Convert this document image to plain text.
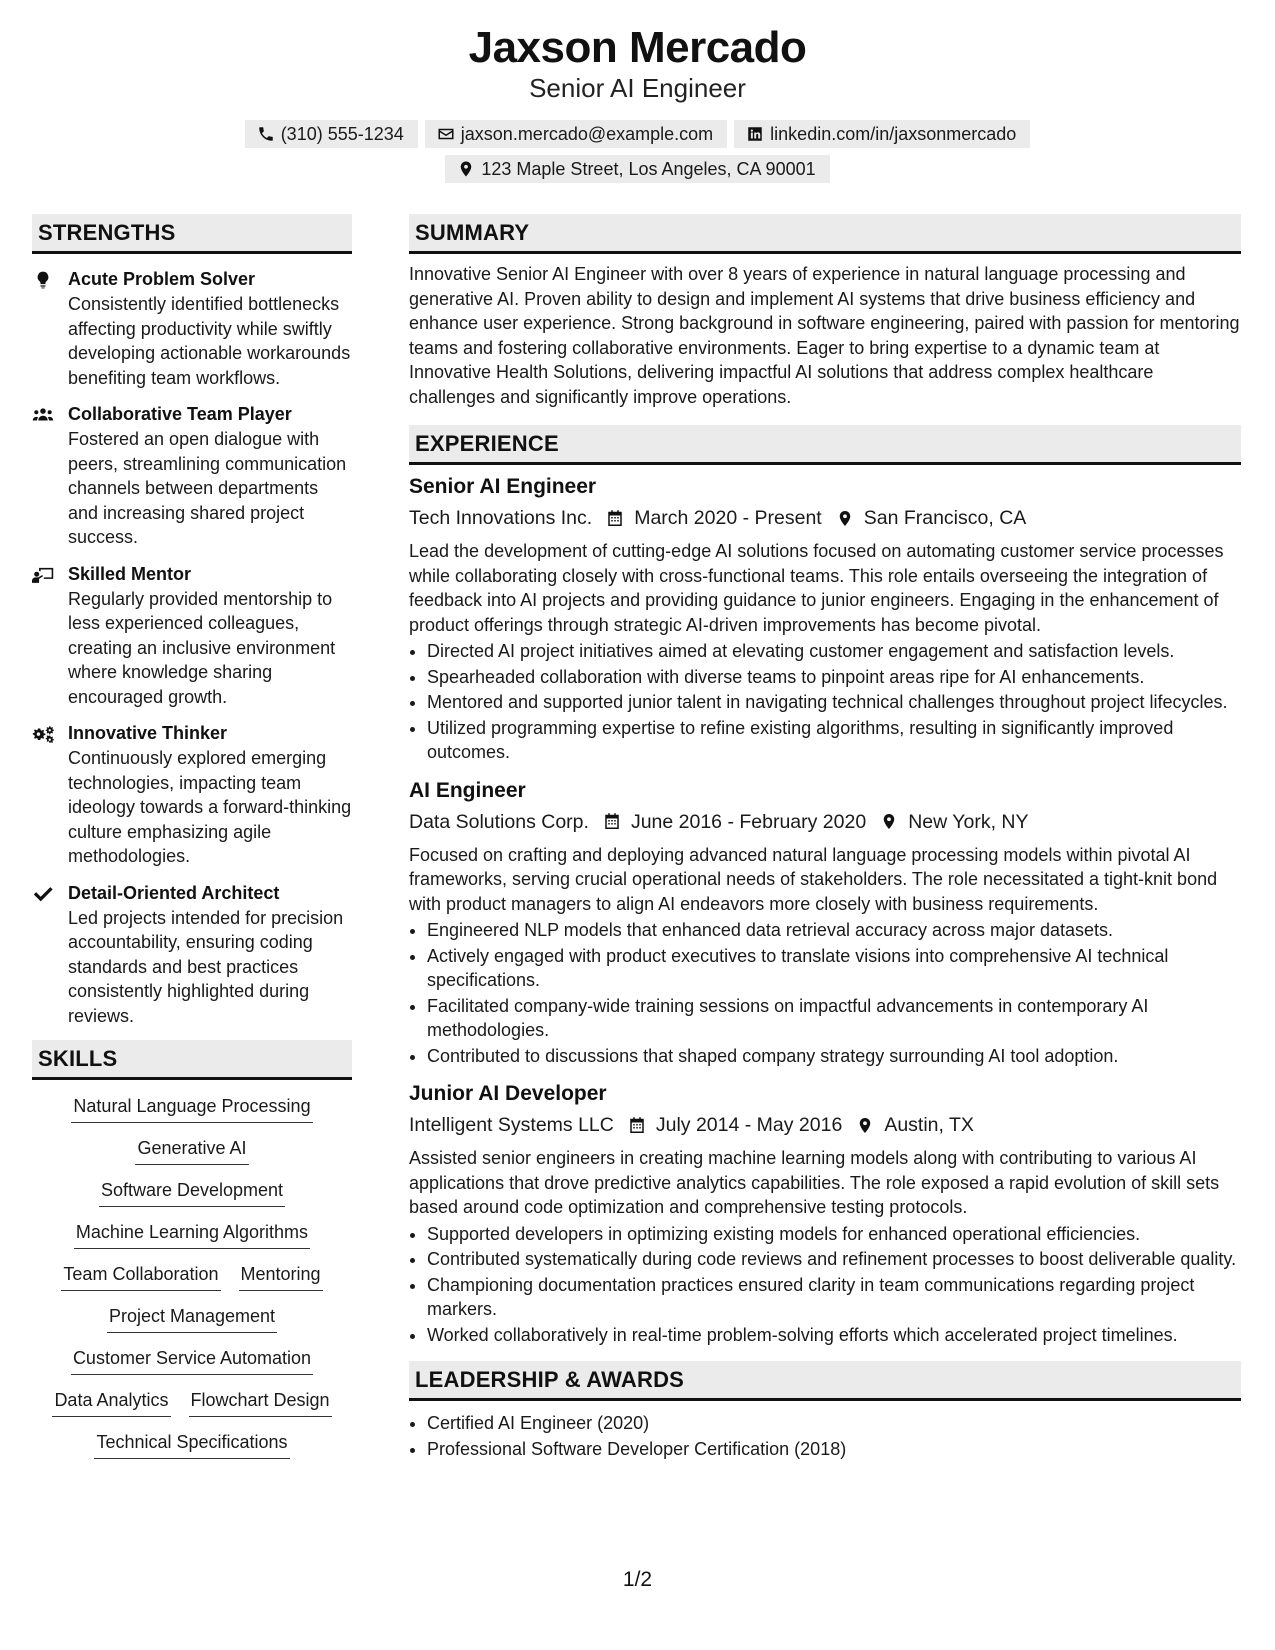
Jaxson Mercado
Senior AI Engineer
(310) 555-1234	jaxson.mercado@example.com	linkedin.com/in/jaxsonmercado
123 Maple Street, Los Angeles, CA 90001
STRENGTHS
Acute Problem Solver
Consistently identified bottlenecks affecting productivity while swiftly developing actionable workarounds benefiting team workflows.
Collaborative Team Player
Fostered an open dialogue with peers, streamlining communication channels between departments and increasing shared project success.
Skilled Mentor
Regularly provided mentorship to less experienced colleagues, creating an inclusive environment where knowledge sharing encouraged growth.
Innovative Thinker
Continuously explored emerging technologies, impacting team ideology towards a forward-thinking culture emphasizing agile methodologies.
Detail-Oriented Architect
Led projects intended for precision accountability, ensuring coding standards and best practices consistently highlighted during reviews.
SKILLS
Natural Language Processing
Generative AI
Software Development
Machine Learning Algorithms
Team Collaboration Mentoring
Project Management
Customer Service Automation
Data Analytics Flowchart Design
Technical Specifications
SUMMARY
Innovative Senior AI Engineer with over 8 years of experience in natural language processing and generative AI. Proven ability to design and implement AI systems that drive business efficiency and enhance user experience. Strong background in software engineering, paired with passion for mentoring teams and fostering collaborative environments. Eager to bring expertise to a dynamic team at Innovative Health Solutions, delivering impactful AI solutions that address complex healthcare challenges and significantly improve operations.
EXPERIENCE
Senior AI Engineer
Tech Innovations Inc. March 2020 - Present San Francisco, CA
Lead the development of cutting-edge AI solutions focused on automating customer service processes while collaborating closely with cross-functional teams. This role entails overseeing the integration of feedback into AI projects and providing guidance to junior engineers. Engaging in the enhancement of product offerings through strategic AI-driven improvements has become pivotal.
• Directed AI project initiatives aimed at elevating customer engagement and satisfaction levels.
• Spearheaded collaboration with diverse teams to pinpoint areas ripe for AI enhancements.
• Mentored and supported junior talent in navigating technical challenges throughout project lifecycles.
• Utilized programming expertise to refine existing algorithms, resulting in significantly improved outcomes.
AI Engineer
Data Solutions Corp. June 2016 - February 2020 New York, NY
Focused on crafting and deploying advanced natural language processing models within pivotal AI frameworks, serving crucial operational needs of stakeholders. The role necessitated a tight-knit bond with product managers to align AI endeavors more closely with business requirements.
• Engineered NLP models that enhanced data retrieval accuracy across major datasets.
• Actively engaged with product executives to translate visions into comprehensive AI technical specifications.
• Facilitated company-wide training sessions on impactful advancements in contemporary AI methodologies.
• Contributed to discussions that shaped company strategy surrounding AI tool adoption.
Junior AI Developer
Intelligent Systems LLC July 2014 - May 2016 Austin, TX
Assisted senior engineers in creating machine learning models along with contributing to various AI applications that drove predictive analytics capabilities. The role exposed a rapid evolution of skill sets based around code optimization and comprehensive testing protocols.
• Supported developers in optimizing existing models for enhanced operational efficiencies.
• Contributed systematically during code reviews and refinement processes to boost deliverable quality.
• Championing documentation practices ensured clarity in team communications regarding project markers.
• Worked collaboratively in real-time problem-solving efforts which accelerated project timelines.
LEADERSHIP & AWARDS
• Certified AI Engineer (2020)
• Professional Software Developer Certification (2018)
1/2
